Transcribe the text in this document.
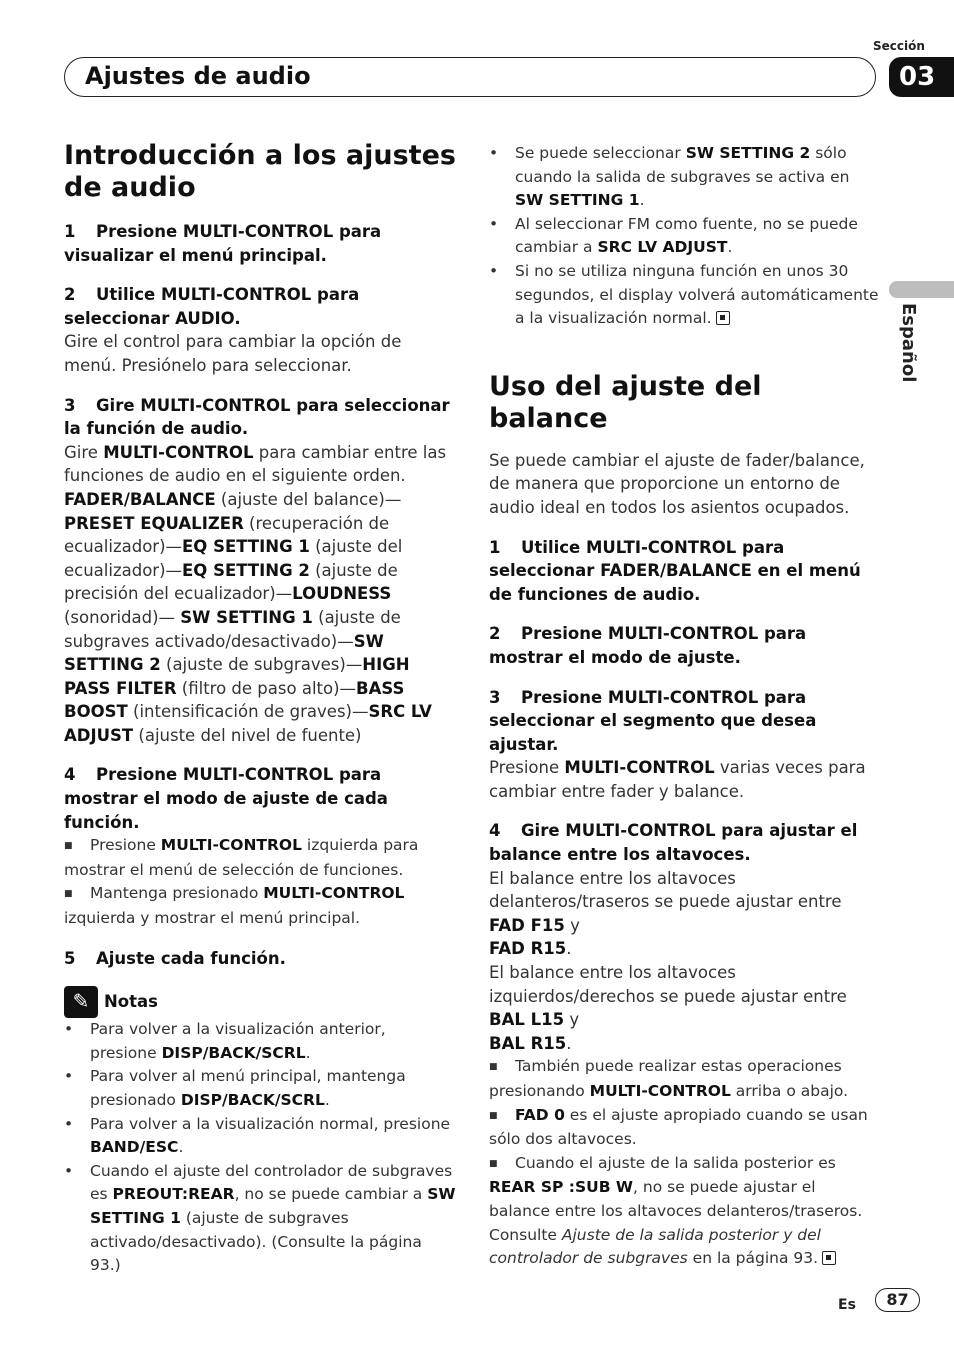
Sección
03
Ajustes de audio
Español
Introducción a los ajustes de audio
1 Presione MULTI-CONTROL para visualizar el menú principal.
2 Utilice MULTI-CONTROL para seleccionar AUDIO.

Gire el control para cambiar la opción de menú. Presiónelo para seleccionar.

3 Gire MULTI-CONTROL para seleccionar la función de audio.

Gire MULTI-CONTROL para cambiar entre las funciones de audio en el siguiente orden.

FADER/BALANCE (ajuste del balance)— PRESET EQUALIZER (recuperación de ecualizador)—EQ SETTING 1 (ajuste del ecualizador)—EQ SETTING 2 (ajuste de precisión del ecualizador)—LOUDNESS (sonoridad)— SW SETTING 1 (ajuste de subgraves activado/desactivado)—SW SETTING 2 (ajuste de subgraves)—HIGH PASS FILTER (filtro de paso alto)—BASS BOOST (intensificación de graves)—SRC LV ADJUST (ajuste del nivel de fuente)

4 Presione MULTI-CONTROL para mostrar el modo de ajuste de cada función.
■ Presione MULTI-CONTROL izquierda para mostrar el menú de selección de funciones.
■ Mantenga presionado MULTI-CONTROL izquierda y mostrar el menú principal.
5 Ajuste cada función.
✎ Notas
• Para volver a la visualización anterior, presione DISP/BACK/SCRL.
• Para volver al menú principal, mantenga presionado DISP/BACK/SCRL.
• Para volver a la visualización normal, presione BAND/ESC.
• Cuando el ajuste del controlador de subgraves es PREOUT:REAR, no se puede cambiar a SW SETTING 1 (ajuste de subgraves activado/desactivado). (Consulte la página 93.)
• Se puede seleccionar SW SETTING 2 sólo cuando la salida de subgraves se activa en SW SETTING 1.
• Al seleccionar FM como fuente, no se puede cambiar a SRC LV ADJUST.
• Si no se utiliza ninguna función en unos 30 segundos, el display volverá automáticamente a la visualización normal.
Uso del ajuste del balance

Se puede cambiar el ajuste de fader/balance, de manera que proporcione un entorno de audio ideal en todos los asientos ocupados.

1 Utilice MULTI-CONTROL para seleccionar FADER/BALANCE en el menú de funciones de audio.
2 Presione MULTI-CONTROL para mostrar el modo de ajuste.
3 Presione MULTI-CONTROL para seleccionar el segmento que desea ajustar.

Presione MULTI-CONTROL varias veces para cambiar entre fader y balance.

4 Gire MULTI-CONTROL para ajustar el balance entre los altavoces.

El balance entre los altavoces delanteros/traseros se puede ajustar entre FAD F15 y
FAD R15.

El balance entre los altavoces izquierdos/derechos se puede ajustar entre BAL L15 y
BAL R15.

■ También puede realizar estas operaciones presionando MULTI-CONTROL arriba o abajo.
■ FAD 0 es el ajuste apropiado cuando se usan sólo dos altavoces.
■ Cuando el ajuste de la salida posterior es
REAR SP :SUB W, no se puede ajustar el balance entre los altavoces delanteros/traseros. Consulte Ajuste de la salida posterior y del controlador de subgraves en la página 93.
Es	87
